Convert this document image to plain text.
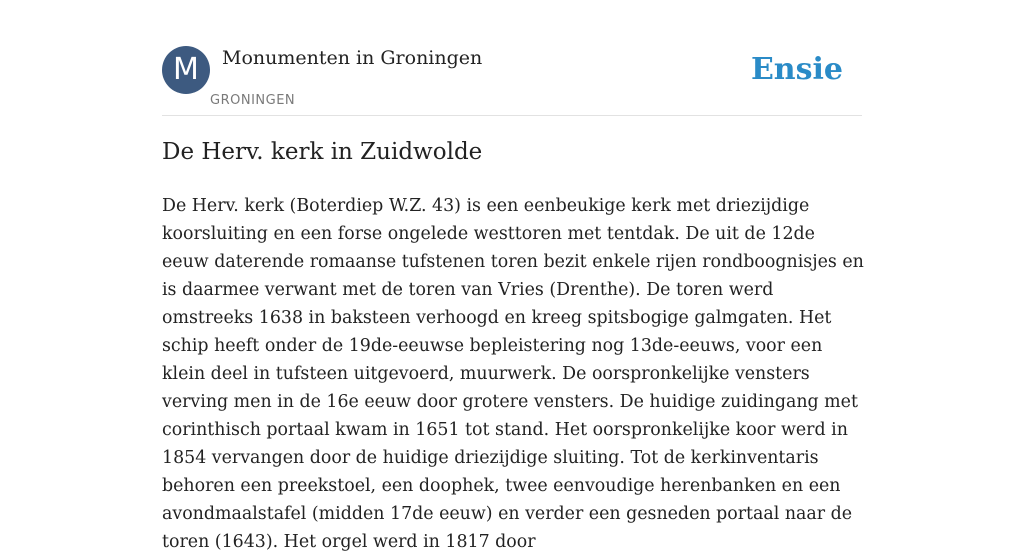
M	Monumenten in Groningen
GRONINGEN
Ensie
De Herv. kerk in Zuidwolde

De Herv. kerk (Boterdiep W.Z. 43) is een eenbeukige kerk met driezijdige koorsluiting en een forse ongelede westtoren met tentdak. De uit de 12de eeuw daterende romaanse tufstenen toren bezit enkele rijen rondboognisjes en is daarmee verwant met de toren van Vries (Drenthe). De toren werd omstreeks 1638 in baksteen verhoogd en kreeg spitsbogige galmgaten. Het schip heeft onder de 19de-eeuwse bepleistering nog 13de-eeuws, voor een klein deel in tufsteen uitgevoerd, muurwerk. De oorspronkelijke vensters verving men in de 16e eeuw door grotere vensters. De huidige zuidingang met corinthisch portaal kwam in 1651 tot stand. Het oorspronkelijke koor werd in 1854 vervangen door de huidige driezijdige sluiting. Tot de kerkinventaris behoren een preekstoel, een doophek, twee eenvoudige herenbanken en een avondmaalstafel (midden 17de eeuw) en verder een gesneden portaal naar de toren (1643). Het orgel werd in 1817 door
